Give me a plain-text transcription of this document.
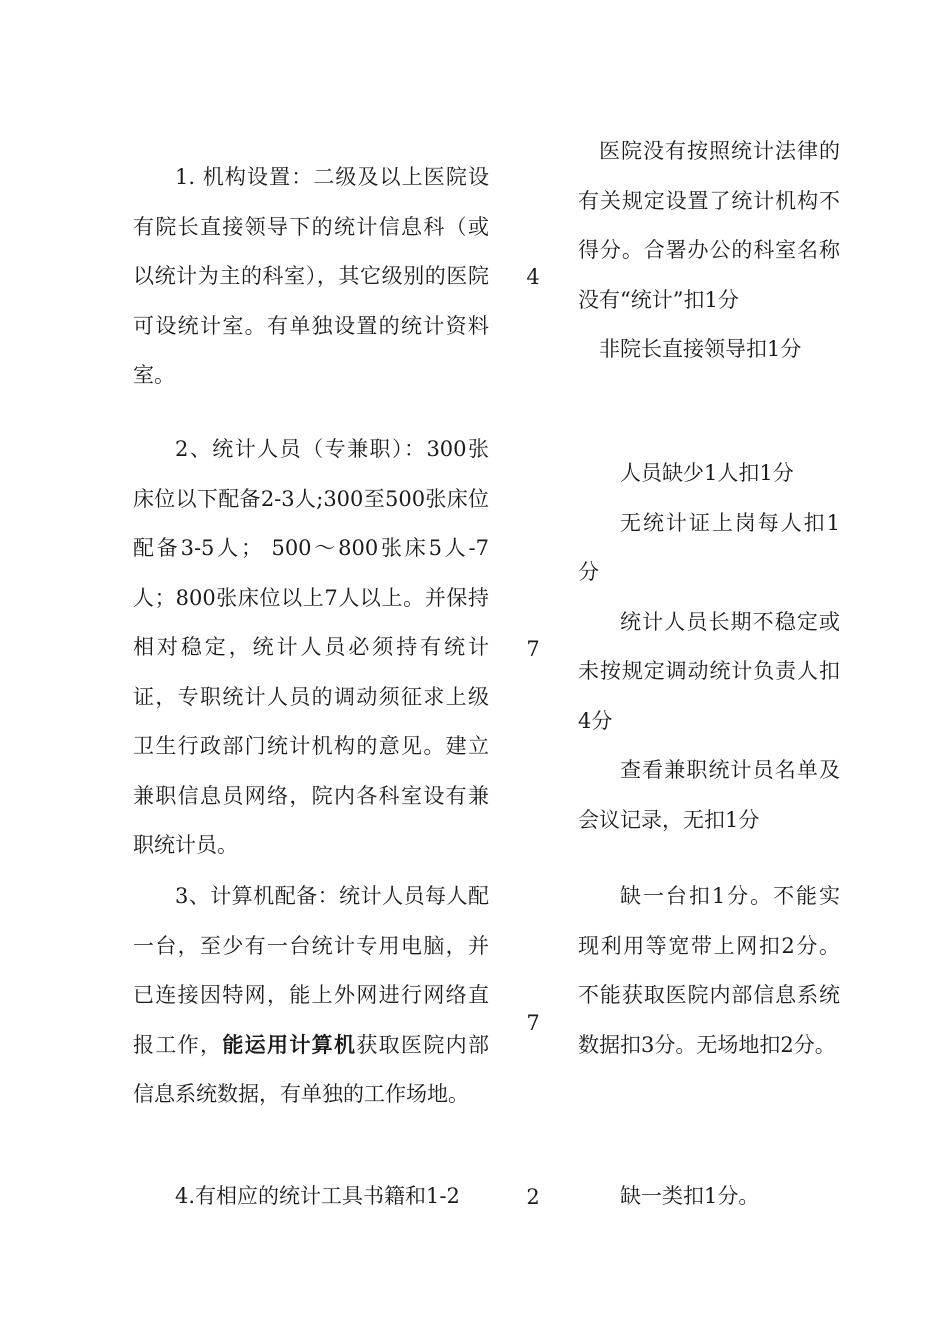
1. 机构设置：二级及以上医院设有院长直接领导下的统计信息科（或以统计为主的科室），其它级别的医院可设统计室。有单独设置的统计资料室。

4

医院没有按照统计法律的有关规定设置了统计机构不得分。合署办公的科室名称没有“统计”扣1分

非院长直接领导扣1分

2、统计人员（专兼职）：300张床位以下配备2-3人;300至500张床位配备3-5人； 500～800张床5人-7人；800张床位以上7人以上。并保持相对稳定，统计人员必须持有统计证，专职统计人员的调动须征求上级卫生行政部门统计机构的意见。建立兼职信息员网络，院内各科室设有兼职统计员。

7

人员缺少1人扣1分

无统计证上岗每人扣1分

统计人员长期不稳定或未按规定调动统计负责人扣4分

查看兼职统计员名单及会议记录，无扣1分

3、计算机配备：统计人员每人配一台，至少有一台统计专用电脑，并已连接因特网，能上外网进行网络直报工作，能运用计算机获取医院内部信息系统数据，有单独的工作场地。

7

缺一台扣1分。不能实现利用等宽带上网扣2分。不能获取医院内部信息系统数据扣3分。无场地扣2分。

4.有相应的统计工具书籍和1-2	2	缺一类扣1分。
